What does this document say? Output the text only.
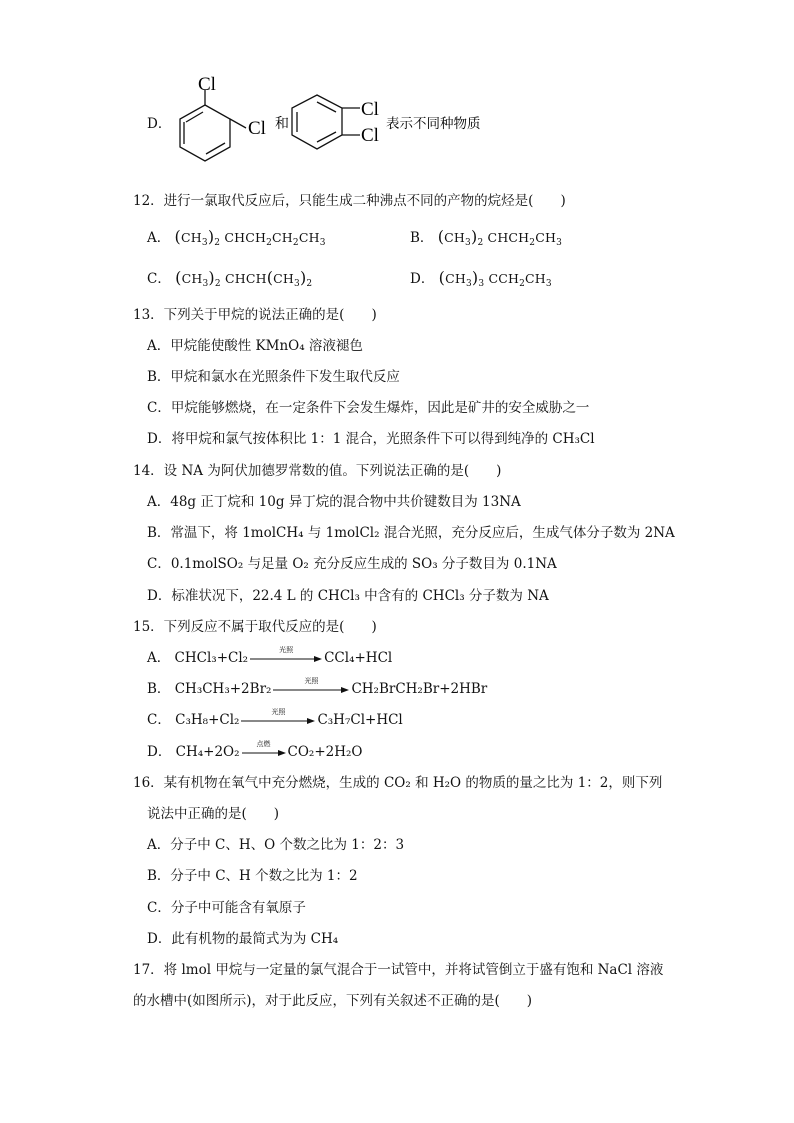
D．
Cl
Cl 和
Cl
Cl
表示不同种物质
12．进行一氯取代反应后，只能生成二种沸点不同的产物的烷烃是(　　)
A． $(CH_3)_2$ $CHCH_2CH_2CH_3$	B． $(CH_3)_2$ $CHCH_2CH_3$
C． $(CH_3)_2$ $CHCH(CH_3)_2$	D． $(CH_3)_3$ $CCH_2CH_3$
13．下列关于甲烷的说法正确的是(　　)
A．甲烷能使酸性 KMnO₄ 溶液褪色
B．甲烷和氯水在光照条件下发生取代反应
C．甲烷能够燃烧，在一定条件下会发生爆炸，因此是矿井的安全威胁之一
D．将甲烷和氯气按体积比 1：1 混合，光照条件下可以得到纯净的 CH₃Cl
14．设 NA 为阿伏加德罗常数的值。下列说法正确的是(　　)
A．48g 正丁烷和 10g 异丁烷的混合物中共价键数目为 13NA
B．常温下，将 1molCH₄ 与 1molCl₂ 混合光照，充分反应后，生成气体分子数为 2NA
C．0.1molSO₂ 与足量 O₂ 充分反应生成的 SO₃ 分子数目为 0.1NA
D．标准状况下，22.4 L 的 CHCl₃ 中含有的 CHCl₃ 分子数为 NA
15．下列反应不属于取代反应的是(　　)
A． CHCl₃+Cl₂
光照
CCl₄+HCl
B． CH₃CH₃+2Br₂
光照
CH₂BrCH₂Br+2HBr
C． C₃H₈+Cl₂
光照
C₃H₇Cl+HCl
D． CH₄+2O₂
点燃
CO₂+2H₂O
16．某有机物在氧气中充分燃烧，生成的 CO₂ 和 H₂O 的物质的量之比为 1：2，则下列
说法中正确的是(　　)
A．分子中 C、H、O 个数之比为 1：2：3
B．分子中 C、H 个数之比为 1：2
C．分子中可能含有氧原子
D．此有机物的最简式为为 CH₄
17．将 lmol 甲烷与一定量的氯气混合于一试管中，并将试管倒立于盛有饱和 NaCl 溶液
的水槽中(如图所示)，对于此反应，下列有关叙述不正确的是(　　)
